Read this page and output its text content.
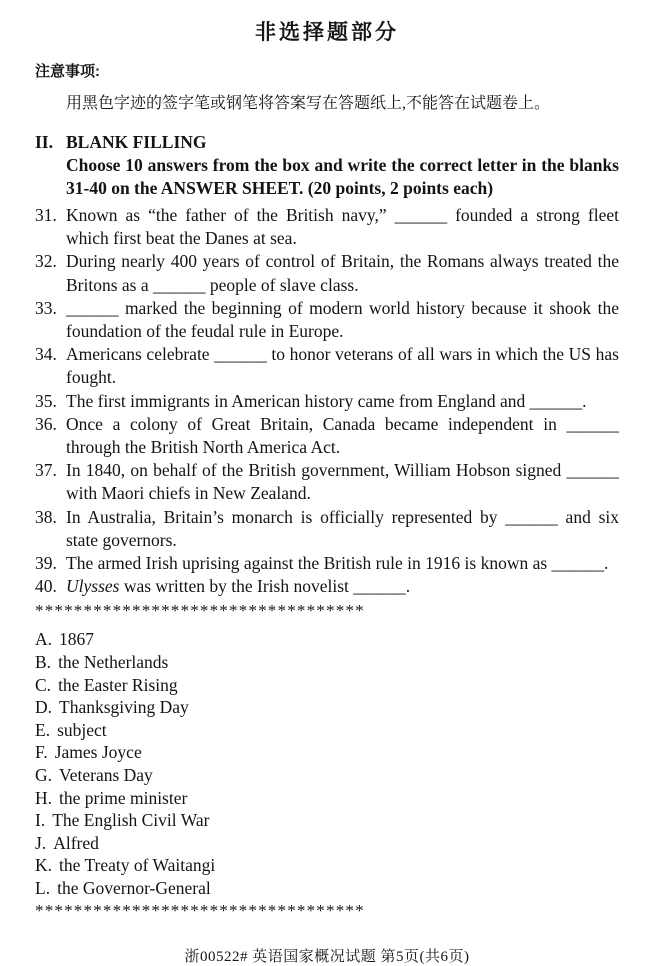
非选择题部分
注意事项:
用黑色字迹的签字笔或钢笔将答案写在答题纸上,不能答在试题卷上。
II. BLANK FILLING
Choose 10 answers from the box and write the correct letter in the blanks 31-40 on the ANSWER SHEET. (20 points, 2 points each)
31. Known as “the father of the British navy,” ______ founded a strong fleet which first beat the Danes at sea.
32. During nearly 400 years of control of Britain, the Romans always treated the Britons as a ______ people of slave class.
33. ______ marked the beginning of modern world history because it shook the foundation of the feudal rule in Europe.
34. Americans celebrate ______ to honor veterans of all wars in which the US has fought.
35. The first immigrants in American history came from England and ______.
36. Once a colony of Great Britain, Canada became independent in ______ through the British North America Act.
37. In 1840, on behalf of the British government, William Hobson signed ______ with Maori chiefs in New Zealand.
38. In Australia, Britain’s monarch is officially represented by ______ and six state governors.
39. The armed Irish uprising against the British rule in 1916 is known as ______.
40. Ulysses was written by the Irish novelist ______.
**********************************
A. 1867
B. the Netherlands
C. the Easter Rising
D. Thanksgiving Day
E. subject
F. James Joyce
G. Veterans Day
H. the prime minister
I. The English Civil War
J. Alfred
K. the Treaty of Waitangi
L. the Governor-General
**********************************
浙00522# 英语国家概况试题 第5页(共6页)
